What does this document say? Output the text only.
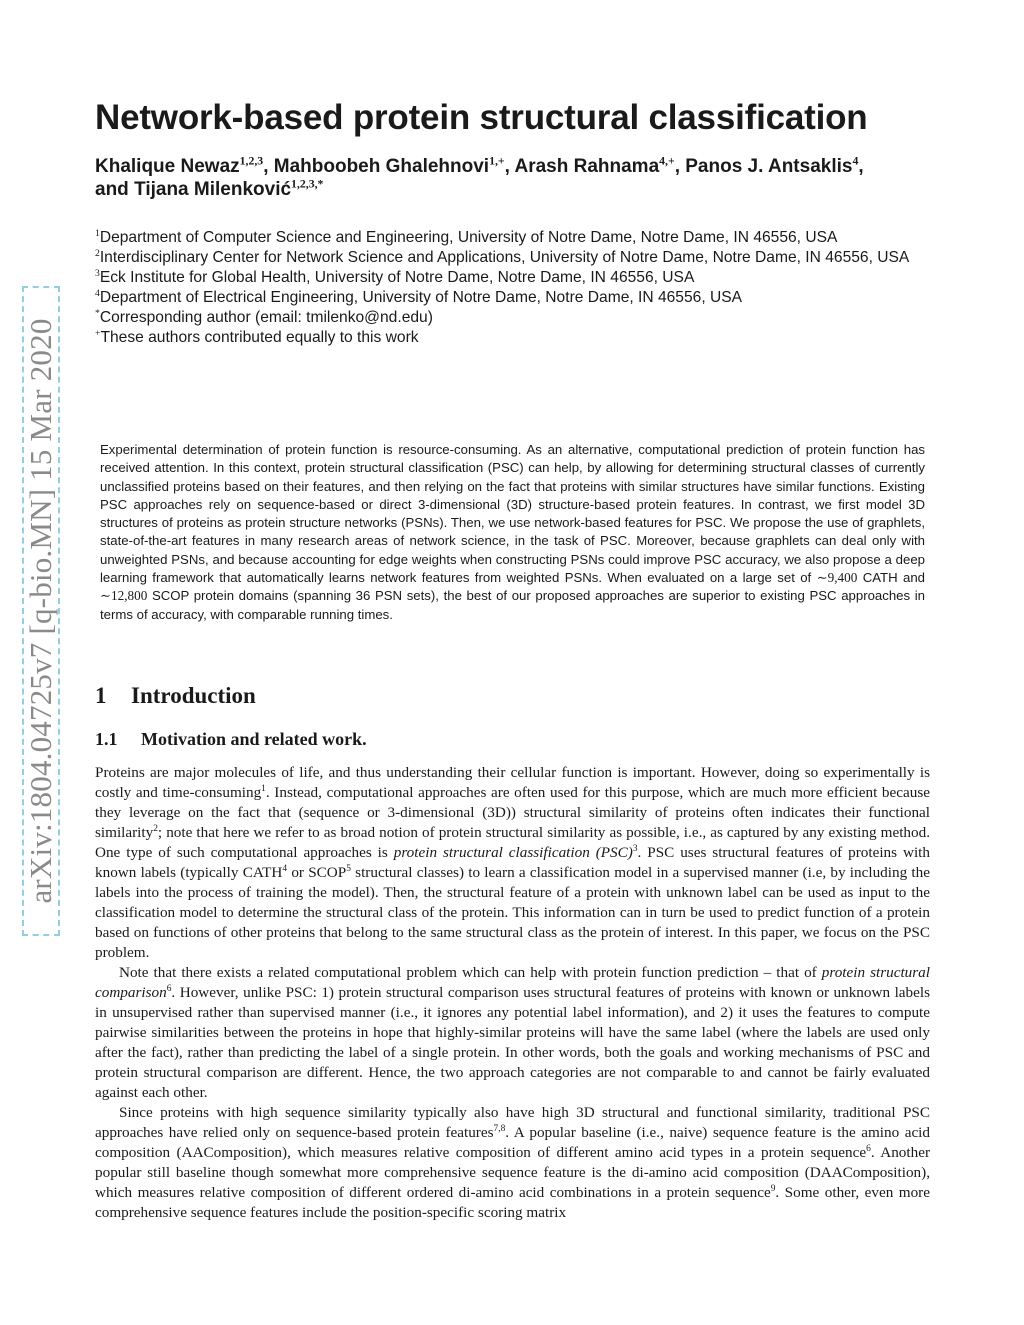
arXiv:1804.04725v7 [q-bio.MN] 15 Mar 2020
Network-based protein structural classification
Khalique Newaz$^{1,2,3}$, Mahboobeh Ghalehnovi$^{1,+}$, Arash Rahnama$^{4,+}$, Panos J. Antsaklis$^4$,
and Tijana Milenković$^{1,2,3,*}$
$^1$Department of Computer Science and Engineering, University of Notre Dame, Notre Dame, IN 46556, USA
$^2$Interdisciplinary Center for Network Science and Applications, University of Notre Dame, Notre Dame, IN 46556, USA
$^3$Eck Institute for Global Health, University of Notre Dame, Notre Dame, IN 46556, USA
$^4$Department of Electrical Engineering, University of Notre Dame, Notre Dame, IN 46556, USA
*Corresponding author (email: tmilenko@nd.edu)
+These authors contributed equally to this work

Experimental determination of protein function is resource-consuming. As an alternative, computational prediction of protein function has received attention. In this context, protein structural classification (PSC) can help, by allowing for determining structural classes of currently unclassified proteins based on their features, and then relying on the fact that proteins with similar structures have similar functions. Existing PSC approaches rely on sequence-based or direct 3-dimensional (3D) structure-based protein features. In contrast, we first model 3D structures of proteins as protein structure networks (PSNs). Then, we use network-based features for PSC. We propose the use of graphlets, state-of-the-art features in many research areas of network science, in the task of PSC. Moreover, because graphlets can deal only with unweighted PSNs, and because accounting for edge weights when constructing PSNs could improve PSC accuracy, we also propose a deep learning framework that automatically learns network features from weighted PSNs. When evaluated on a large set of ∼9,400 CATH and ∼12,800 SCOP protein domains (spanning 36 PSN sets), the best of our proposed approaches are superior to existing PSC approaches in terms of accuracy, with comparable running times.

1 Introduction
1.1 Motivation and related work.

Proteins are major molecules of life, and thus understanding their cellular function is important. However, doing so experimentally is costly and time-consuming$^1$. Instead, computational approaches are often used for this purpose, which are much more efficient because they leverage on the fact that (sequence or 3-dimensional (3D)) structural similarity of proteins often indicates their functional similarity$^2$; note that here we refer to as broad notion of protein structural similarity as possible, i.e., as captured by any existing method. One type of such computational approaches is protein structural classification (PSC)$^3$. PSC uses structural features of proteins with known labels (typically CATH$^4$ or SCOP$^5$ structural classes) to learn a classification model in a supervised manner (i.e, by including the labels into the process of training the model). Then, the structural feature of a protein with unknown label can be used as input to the classification model to determine the structural class of the protein. This information can in turn be used to predict function of a protein based on functions of other proteins that belong to the same structural class as the protein of interest. In this paper, we focus on the PSC problem.

Note that there exists a related computational problem which can help with protein function prediction – that of protein structural comparison$^6$. However, unlike PSC: 1) protein structural comparison uses structural features of proteins with known or unknown labels in unsupervised rather than supervised manner (i.e., it ignores any potential label information), and 2) it uses the features to compute pairwise similarities between the proteins in hope that highly-similar proteins will have the same label (where the labels are used only after the fact), rather than predicting the label of a single protein. In other words, both the goals and working mechanisms of PSC and protein structural comparison are different. Hence, the two approach categories are not comparable to and cannot be fairly evaluated against each other.

Since proteins with high sequence similarity typically also have high 3D structural and functional similarity, traditional PSC approaches have relied only on sequence-based protein features$^{7,8}$. A popular baseline (i.e., naive) sequence feature is the amino acid composition (AAComposition), which measures relative composition of different amino acid types in a protein sequence$^6$. Another popular still baseline though somewhat more comprehensive sequence feature is the di-amino acid composition (DAAComposition), which measures relative composition of different ordered di-amino acid combinations in a protein sequence$^9$. Some other, even more comprehensive sequence features include the position-specific scoring matrix
